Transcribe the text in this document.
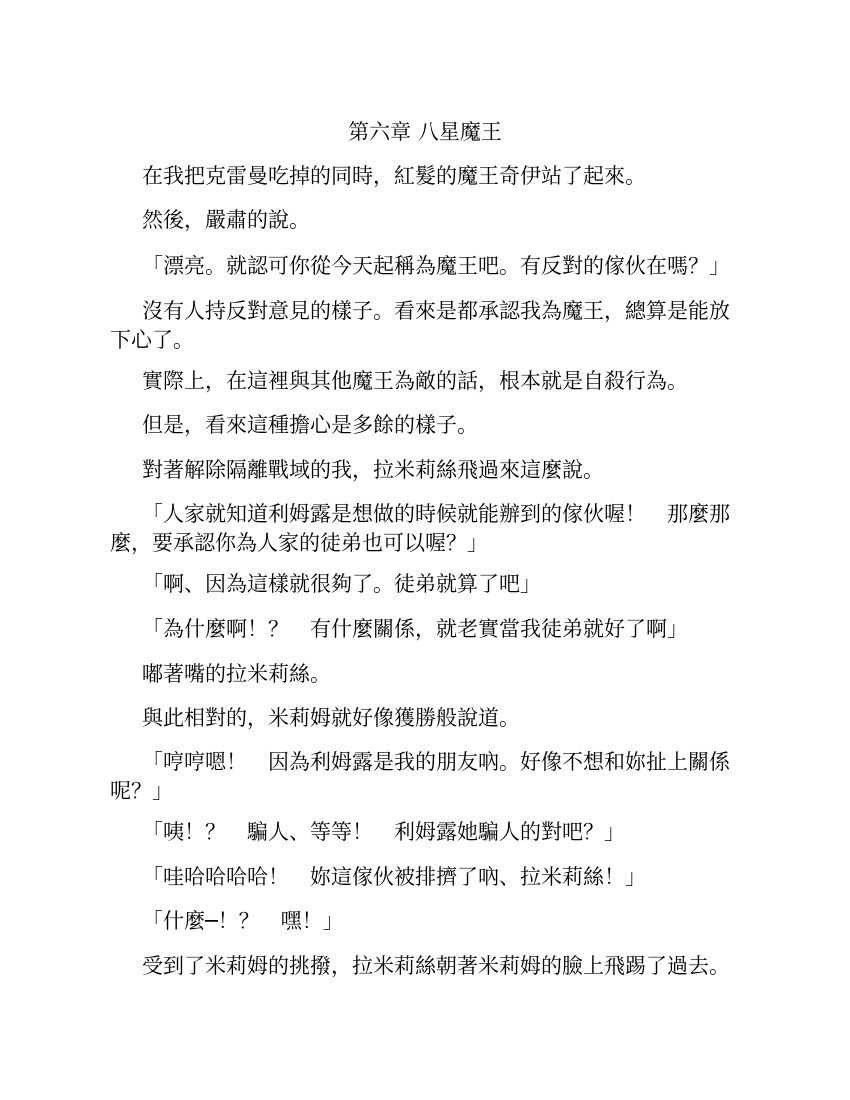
第六章 八星魔王

在我把克雷曼吃掉的同時，紅髮的魔王奇伊站了起來。

然後，嚴肅的說。

「漂亮。就認可你從今天起稱為魔王吧。有反對的傢伙在嗎？」

沒有人持反對意見的樣子。看來是都承認我為魔王，總算是能放下心了。

實際上，在這裡與其他魔王為敵的話，根本就是自殺行為。

但是，看來這種擔心是多餘的樣子。

對著解除隔離戰域的我，拉米莉絲飛過來這麼說。

「人家就知道利姆露是想做的時候就能辦到的傢伙喔！　那麼那麼，要承認你為人家的徒弟也可以喔？」

「啊、因為這樣就很夠了。徒弟就算了吧」

「為什麼啊！？　有什麼關係，就老實當我徒弟就好了啊」

嘟著嘴的拉米莉絲。

與此相對的，米莉姆就好像獲勝般說道。

「哼哼嗯！　因為利姆露是我的朋友吶。好像不想和妳扯上關係呢？」

「咦！？　騙人、等等！　利姆露她騙人的對吧？」

「哇哈哈哈哈！　妳這傢伙被排擠了吶、拉米莉絲！」

「什麼─！？　嘿！」

受到了米莉姆的挑撥，拉米莉絲朝著米莉姆的臉上飛踢了過去。
